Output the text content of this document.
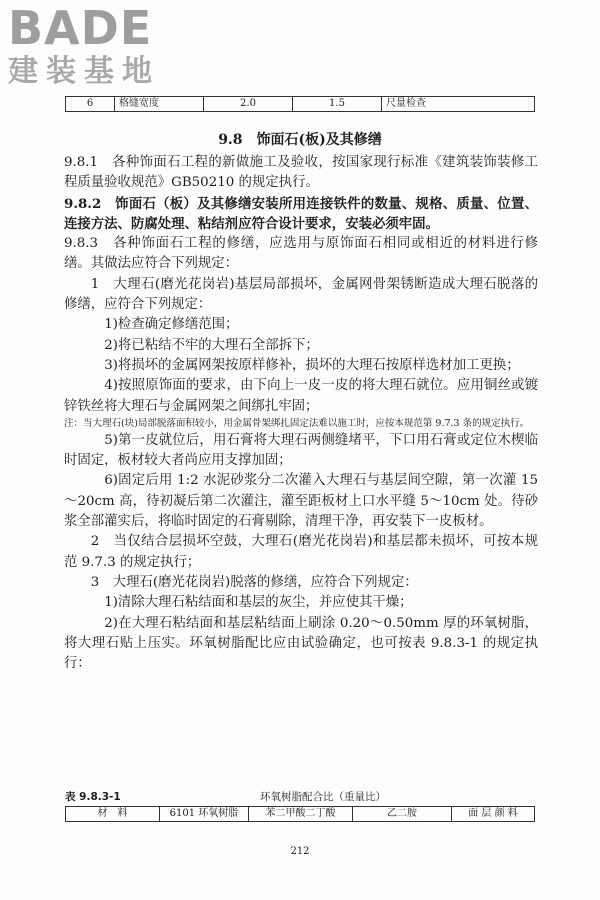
BADE
建装基地
6	格缝宽度	2.0	1.5	尺量检查
9.8　饰面石(板)及其修缮

9.8.1　各种饰面石工程的新做施工及验收，按国家现行标准《建筑装饰装修工程质量验收规范》GB50210 的规定执行。

9.8.2　饰面石（板）及其修缮安装所用连接铁件的数量、规格、质量、位置、连接方法、防腐处理、粘结剂应符合设计要求，安装必须牢固。

9.8.3　各种饰面石工程的修缮，应选用与原饰面石相同或相近的材料进行修缮。其做法应符合下列规定：

1　大理石(磨光花岗岩)基层局部损坏，金属网骨架锈断造成大理石脱落的修缮，应符合下列规定：

1)检查确定修缮范围；

2)将已粘结不牢的大理石全部拆下；

3)将损坏的金属网架按原样修补，损坏的大理石按原样选材加工更换；

4)按照原饰面的要求，由下向上一皮一皮的将大理石就位。应用铜丝或镀锌铁丝将大理石与金属网架之间绑扎牢固；

注：当大理石(块)局部脱落面积较小，用金属骨架绑扎固定法难以施工时，应按本规范第 9.7.3 条的规定执行。

5)第一皮就位后，用石膏将大理石两侧缝堵平，下口用石膏或定位木楔临时固定，板材较大者尚应用支撑加固；

6)固定后用 1:2 水泥砂浆分二次灌入大理石与基层间空隙，第一次灌 15～20cm 高，待初凝后第二次灌注，灌至距板材上口水平缝 5～10cm 处。待砂浆全部灌实后，将临时固定的石膏剔除，清理干净，再安装下一皮板材。

2　当仅结合层损坏空鼓，大理石(磨光花岗岩)和基层都未损坏，可按本规范 9.7.3 的规定执行；

3　大理石(磨光花岗岩)脱落的修缮，应符合下列规定：

1)清除大理石粘结面和基层的灰尘，并应使其干燥；

2)在大理石粘结面和基层粘结面上刷涂 0.20～0.50mm 厚的环氧树脂，将大理石贴上压实。环氧树脂配比应由试验确定，也可按表 9.8.3-1 的规定执行：

表 9.8.3-1	环氧树脂配合比（重量比）
材　料	6101 环氧树脂	苯二甲酸二丁酸	乙二胺	面 层 颜 料
212
